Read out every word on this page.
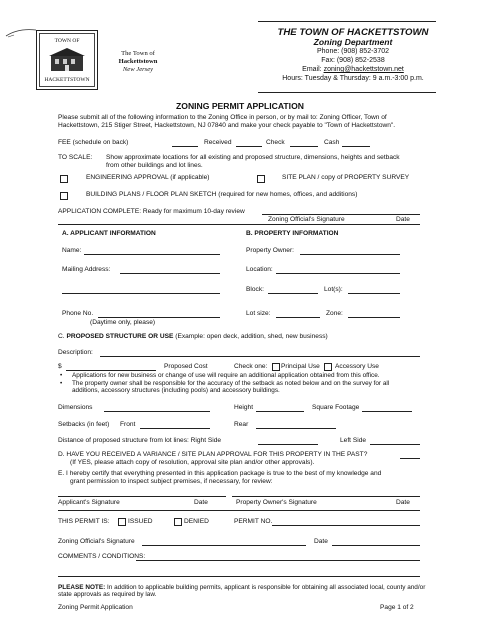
TOWN OF
HACKETTSTOWN
The Town of
Hackettstown
New Jersey
THE TOWN OF HACKETTSTOWN
Zoning Department
Phone: (908) 852-3702
Fax: (908) 852-2538
Email: zoning@hackettstown.net
Hours: Tuesday & Thursday: 9 a.m.-3:00 p.m.
ZONING PERMIT APPLICATION
Please submit all of the following information to the Zoning Office in person, or by mail to: Zoning Officer, Town of
Hackettstown, 215 Stiger Street, Hackettstown, NJ 07840 and make your check payable to "Town of Hackettstown".
FEE (schedule on back)	Received	Check	Cash
TO SCALE: Show approximate locations for all existing and proposed structure, dimensions, heights and setback
from other buildings and lot lines.
ENGINEERING APPROVAL (if applicable)	SITE PLAN / copy of PROPERTY SURVEY
BUILDING PLANS / FLOOR PLAN SKETCH (required for new homes, offices, and additions)
APPLICATION COMPLETE: Ready for maximum 10-day review
Zoning Official's Signature	Date
A. APPLICANT INFORMATION	B. PROPERTY INFORMATION
Name:	Property Owner:
Mailing Address:	Location:
Block:	Lot(s):
Phone No.
(Daytime only, please)
Lot size:	Zone:
C. PROPOSED STRUCTURE OR USE (Example: open deck, addition, shed, new business)
Description:
$	Proposed Cost	Check one: Principal Use Accessory Use
• Applications for new business or change of use will require an additional application obtained from this office.
• The property owner shall be responsible for the accuracy of the setback as noted below and on the survey for all
additions, accessory structures (including pools) and accessory buildings.
Dimensions	Height	Square Footage
Setbacks (in feet) Front	Rear
Distance of proposed structure from lot lines: Right Side	Left Side
D. HAVE YOU RECEIVED A VARIANCE / SITE PLAN APPROVAL FOR THIS PROPERTY IN THE PAST?
(If YES, please attach copy of resolution, approval site plan and/or other approvals).
E. I hereby certify that everything presented in this application package is true to the best of my knowledge and
grant permission to inspect subject premises, if necessary, for review:
Applicant's Signature	Date	Property Owner's Signature	Date
THIS PERMIT IS:	ISSUED	DENIED	PERMIT NO.
Zoning Official's Signature	Date
COMMENTS / CONDITIONS:
PLEASE NOTE: In addition to applicable building permits, applicant is responsible for obtaining all associated local, county and/or
state approvals as required by law.
Zoning Permit Application	Page 1 of 2
